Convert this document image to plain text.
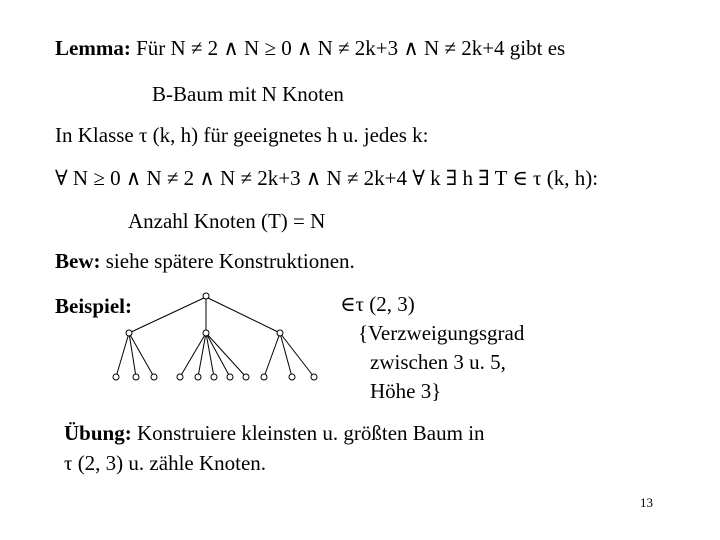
Lemma: Für N ≠ 2 ∧ N ≥ 0 ∧ N ≠ 2k+3 ∧ N ≠ 2k+4 gibt es
B-Baum mit N Knoten
In Klasse τ (k, h) für geeignetes h u. jedes k:
∀ N ≥ 0 ∧ N ≠ 2 ∧ N ≠ 2k+3 ∧ N ≠ 2k+4 ∀ k ∃ h ∃ T ∈ τ (k, h):
Anzahl Knoten (T) = N
Bew: siehe spätere Konstruktionen.
Beispiel:	∈τ (2, 3)
{Verzweigungsgrad
zwischen 3 u. 5,
Höhe 3}
Übung: Konstruiere kleinsten u. größten Baum in
τ (2, 3) u. zähle Knoten.
13
